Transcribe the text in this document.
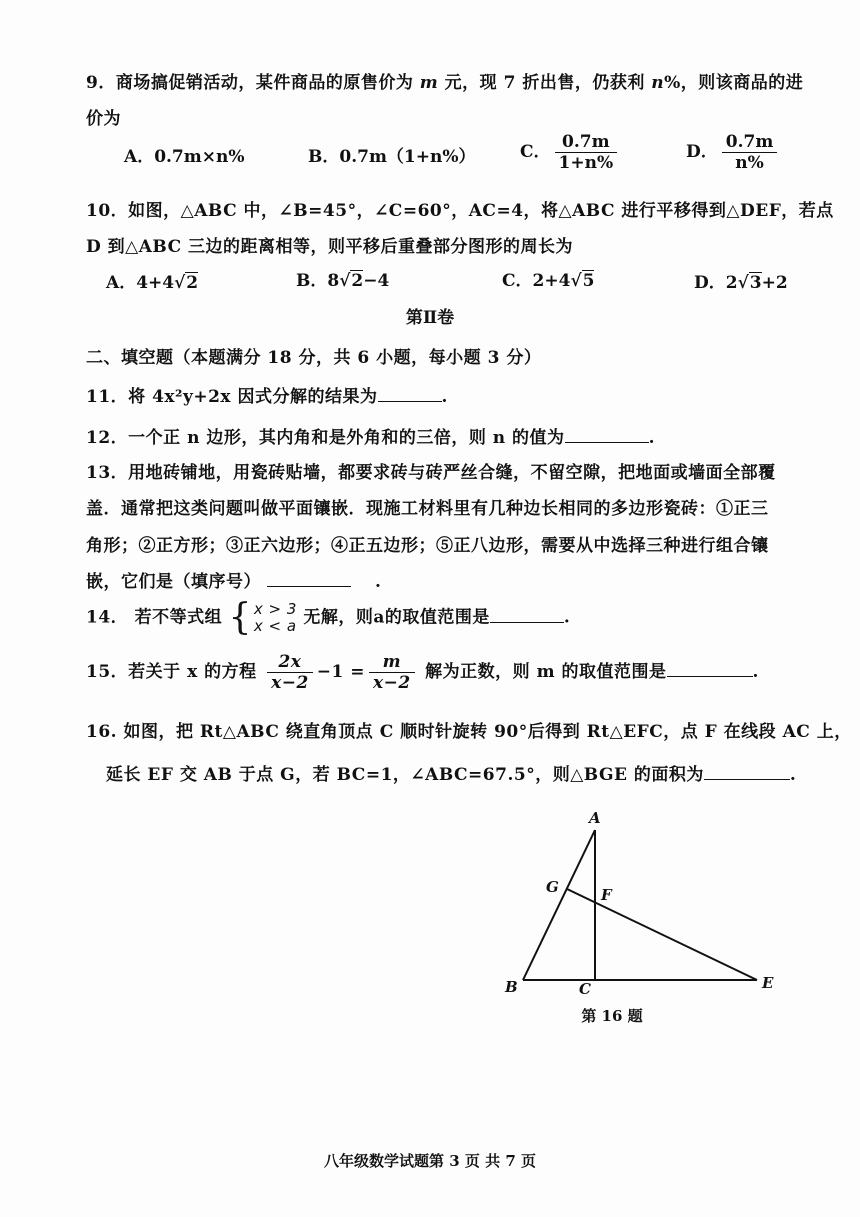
9．商场搞促销活动，某件商品的原售价为 m 元，现 7 折出售，仍获利 n%，则该商品的进
价为
A．0.7m×n%	B．0.7m（1+n%）	C． $\frac{0.7m}{1+n\%}$	D． $\frac{0.7m}{n\%}$
10．如图，△ABC 中，∠B=45°，∠C=60°，AC=4，将△ABC 进行平移得到△DEF，若点
D 到△ABC 三边的距离相等，则平移后重叠部分图形的周长为
A．4+4√2	B．8√2−4	C．2+4√5	D．2√3+2
第Ⅱ卷
二、填空题（本题满分 18 分，共 6 小题，每小题 3 分）
11．将 4x²y+2x 因式分解的结果为	.
12．一个正 n 边形，其内角和是外角和的三倍，则 n 的值为	.
13．用地砖铺地，用瓷砖贴墙，都要求砖与砖严丝合缝，不留空隙，把地面或墙面全部覆
盖．通常把这类问题叫做平面镶嵌．现施工材料里有几种边长相同的多边形瓷砖：①正三
角形；②正方形；③正六边形；④正五边形；⑤正八边形，需要从中选择三种进行组合镶
嵌，它们是（填序号）	.
14． 若不等式组 { x > 3
x < a 无解，则a的取值范围是	.
15．若关于 x 的方程 $\frac{2x}{x-2} -1 = \frac{m}{x-2}$ 解为正数，则 m 的取值范围是	.
16. 如图，把 Rt△ABC 绕直角顶点 C 顺时针旋转 90°后得到 Rt△EFC，点 F 在线段 AC 上，
延长 EF 交 AB 于点 G，若 BC=1，∠ABC=67.5°，则△BGE 的面积为	.
A
G	F
B	C	E
第 16 题
八年级数学试题第 3 页 共 7 页
